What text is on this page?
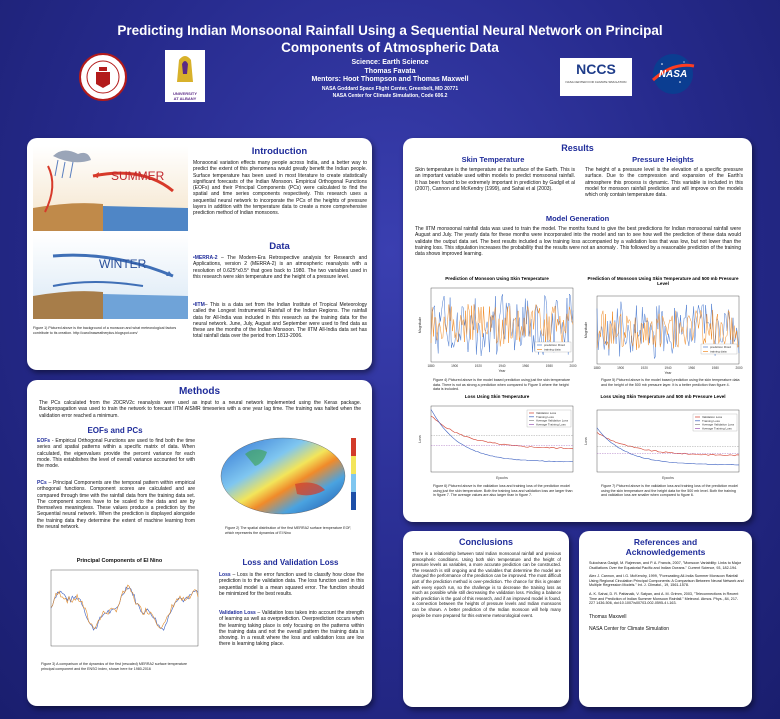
Predicting Indian Monsoonal Rainfall Using a Sequential Neural Network on Principal
Components of Atmospheric Data
Science: Earth Science
Thomas Favata
Mentors: Hoot Thompson and Thomas Maxwell
NASA Goddard Space Flight Center, Greenbelt, MD 20771
NASA Center for Climate Simulation, Code 606.2
UNIVERSITY
AT ALBANY
NCCS
NASA CENTER FOR CLIMATE SIMULATION
NASA
SUMMER
WINTER
Figure 1) Pictured above is the background of a monsoon and what meteorological factors contribute to its creation. http://carolinaweatherplus.blogspot.com/
Introduction
Monsoonal variation effects many people across India, and a better way to predict the extent of this phenomena would greatly benefit the Indian people. Surface temperature has been used in most literature to create statistically significant forecasts of the Indian Monsoon. Empirical Orthogonal Functions (EOFs) and their Principal Components (PCs) were calculated to find the spatial and time series components respectively. This research uses a sequential neural network to incorporate the PCs of the heights of pressure layers in addition with the temperature data to create a more comprehensive prediction method of Indian monsoons.
Data
•MERRA-2 – The Modern-Era Retrospective analysis for Research and Applications, version 2 (MERRA-2) is an atmospheric reanalysis with a resolution of 0.625°x0.5° that goes back to 1980. The two variables used in this research were skin temperature and the height of a pressure level.
•IITM– This is a data set from the Indian Institute of Tropical Meteorology called the Longest Instrumental Rainfall of the Indian Regions. The rainfall data for All-India was included in this research as the training data for the neural network. June, July, August and September were used to find data as these are the months of the Indian Monsoon. The IITM All-India data set has total rainfall data over the period from 1813-2006.
Methods
The PCs calculated from the 20CRV2c reanalysis were used as input to a neural network implemented using the Keras package. Backpropagation was used to train the network to forecast IITM AISMR timeseries with a one year lag time. The training was halted when the validation error reached a minimum.
EOFs and PCs
EOFs - Empirical Orthogonal Functions are used to find both the time series and spatial patterns within a specific matrix of data. When calculated, the eigenvalues provide the percent variance for each mode. This establishes the level of overall variance accounted for with the mode.
PCs – Principal Components are the temporal pattern within empirical orthogonal functions. Component scores are calculated and are compared through time with the rainfall data from the training data set. The component scores have to be scaled to the data and are by themselves meaningless. These values produce a prediction by the Sequential neural network. When the prediction is displayed alongside the training data they determine the extent of machine learning from the neural network.	Figure 2) The spatial distribution of the first MERRA2 surface temperature EOF, which represents the dynamics of El Nino
Principal Components of El Nino
Figure 3) A comparison of the dynamics of the first (rescaled) MERRA2 surface temperature principal component and the ENSO index, shown here for 1980-2016
Loss and Validation Loss
Loss – Loss is the error function used to classify how close the prediction is to the validation data. The loss function used in this sequential model is a mean squared error. The function should be minimized for the best results.
Validation Loss – Validation loss takes into account the strength of learning as well as overprediction. Overprediction occurs when the learning taking place is only focusing on the patterns within the training data and not the overall pattern the training data is showing. In a result where the loss and validation loss are low there is learning taking place.
Results
Skin Temperature
Skin temperature is the temperature at the surface of the Earth. This is an important variable used within models to predict monsoonal rainfall. It has been found to be extremely important in prediction by Gadgil et al (2007), Cannon and McKendry (1999), and Sahai et al (2003).
Pressure Heights
The height of a pressure level is the elevation of a specific pressure surface. Due to the compression and expansion of the Earth's atmosphere this process is dynamic. This variable is included in this model for monsoon rainfall prediction and will improve on the models which only contain temperature data.
Model Generation
The IITM monsoonal rainfall data was used to train the model. The months found to give the best predictions for Indian monsoonal rainfall were August and July. The yearly data for these months were incorporated into the model and ran to see how well the prediction of these data would validate the output data set. The best results included a low training loss accompanied by a validation loss that was low, but not lower than the training loss. This stipulation increases the probability that the results were not an anomaly . This followed by a reasonable prediction of the training data shows improved learning.
Prediction of Monsoon Using Skin Temperature
1880	1900	1920	1940	1960	1980	2000
Year
Magnitude
prediction Rnsd
training data
Figure 4) Pictured above is the model based prediction using just the skin temperature data. There is not as strong a prediction when compared to Figure 5 where the height data is included.
Prediction of Monsoon Using Skin Temperature and 500 mb Pressure Level
1880	1900	1920	1940	1960	1980	2000
Year
Magnitude
prediction Rnsd
training data
Figure 5) Pictured above is the model based prediction using the skin temperature data and the height of the 500 mb pressure layer. It is a better prediction than figure 4.
Loss Using Skin Temperature
Epochs
Loss
Validation Loss
Training Loss
Average Validation Loss
Average Training Loss
Figure 6) Pictured above is the validation loss and training loss of the prediction model using just the skin temperature. Both the training loss and validation loss are larger than in figure 7. The average values are also larger than in figure 7.
Loss Using Skin Temperature and 500 mb Pressure Level
Epochs
Loss
Validation Loss
Training Loss
Average Validation Loss
Average Training Loss
Figure 7) Pictured above is the validation loss and training loss of the prediction model using the skin temperature and the height data for the 500 mb level. Both the training and validation loss are smaller when compared to figure 6.
Conclusions
There is a relationship between total Indian monsoonal rainfall and previous atmospheric conditions. Using both skin temperature and the height of pressure levels as variables, a more accurate prediction can be constructed. The research is still ongoing and the variables that determine the model are changed the performance of the prediction can be improved. The most difficult part of the prediction method is over-prediction. The chance for this is greater with every epoch run, so the challenge is to decrease the training loss as much as possible while still decreasing the validation loss. Finding a balance with prediction is the goal of this research, and if an improved model is found, a connection between the heights of pressure levels and Indian monsoons can be shown. A better prediction of the Indian monsoon will help many people be more prepared for this extreme meteorological event.
References and
Acknowledgements
Sulochana Gadgil, M. Rajeevan, and P. A. Francis, 2007, "Monsoon Variability: Links to Major Oscillations Over the Equatorial Pacific and Indian Oceans." Current Science, 93, 182-194.
Alex J. Cannon, and I.G. McKendry, 1999, "Forecasting All-India Summer Monsoon Rainfall Using Regional Circulation Principal Components: A Comparison Between Neural Network and Multiple Regression Models." Int. J. Climatol., 19, 1561-1578.
A. K. Sahai, D. R. Pattanaik, V. Satyan, and A. M. Grimm, 2003, "Teleconnections in Recent Time and Prediction of Indian Summer Monsoon Rainfall." Meteorol. Atmos. Phys., 84, 217-227 1436-506, doi:10.1007/s00703-002-0595-4 L163.
Thomas Maxwell
NASA Center for Climate Simulation
